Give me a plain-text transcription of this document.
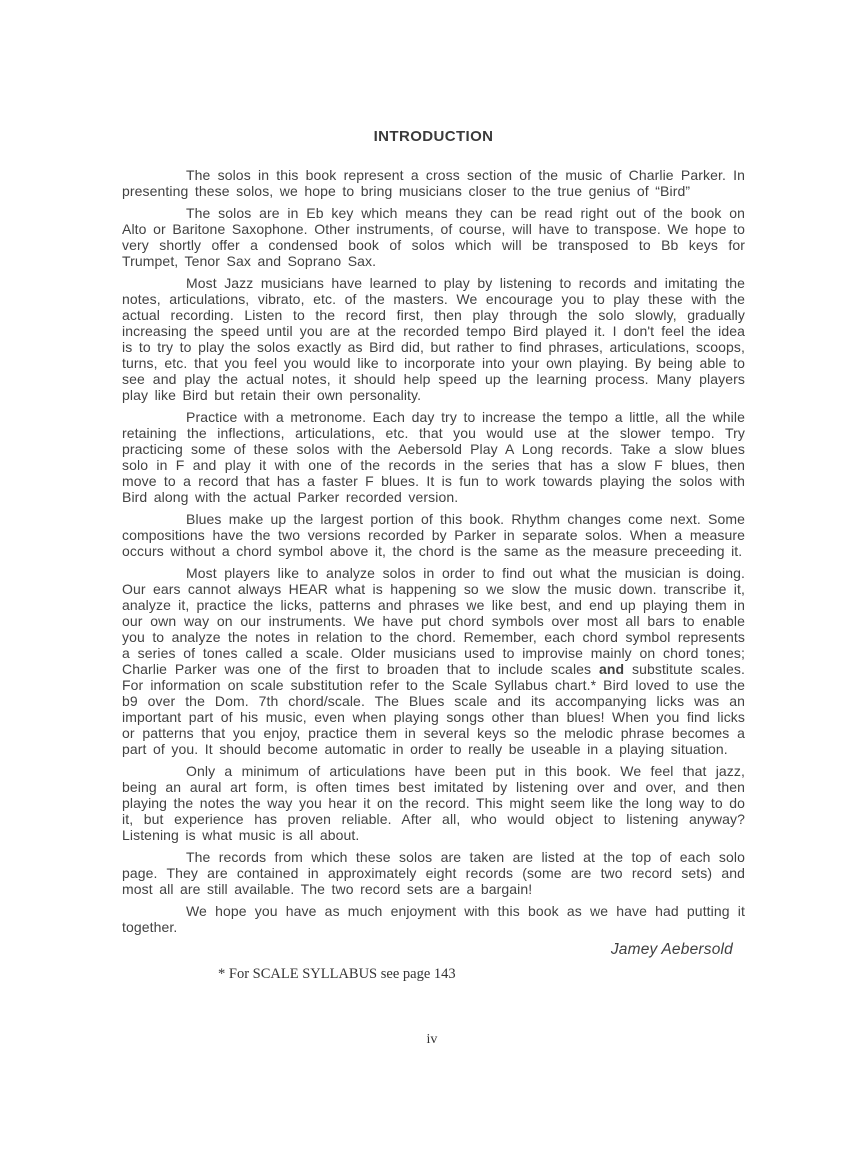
INTRODUCTION

The solos in this book represent a cross section of the music of Charlie Parker. In presenting these solos, we hope to bring musicians closer to the true genius of “Bird”

The solos are in Eb key which means they can be read right out of the book on Alto or Baritone Saxophone. Other instruments, of course, will have to transpose. We hope to very shortly offer a condensed book of solos which will be transposed to Bb keys for Trumpet, Tenor Sax and Soprano Sax.

Most Jazz musicians have learned to play by listening to records and imitating the notes, articulations, vibrato, etc. of the masters. We encourage you to play these with the actual recording. Listen to the record first, then play through the solo slowly, gradually increasing the speed until you are at the recorded tempo Bird played it. I don't feel the idea is to try to play the solos exactly as Bird did, but rather to find phrases, articulations, scoops, turns, etc. that you feel you would like to incorporate into your own playing. By being able to see and play the actual notes, it should help speed up the learning process. Many players play like Bird but retain their own personality.

Practice with a metronome. Each day try to increase the tempo a little, all the while retaining the inflections, articulations, etc. that you would use at the slower tempo. Try practicing some of these solos with the Aebersold Play A Long records. Take a slow blues solo in F and play it with one of the records in the series that has a slow F blues, then move to a record that has a faster F blues. It is fun to work towards playing the solos with Bird along with the actual Parker recorded version.

Blues make up the largest portion of this book. Rhythm changes come next. Some compositions have the two versions recorded by Parker in separate solos. When a measure occurs without a chord symbol above it, the chord is the same as the measure preceeding it.

Most players like to analyze solos in order to find out what the musician is doing. Our ears cannot always HEAR what is happening so we slow the music down. transcribe it, analyze it, practice the licks, patterns and phrases we like best, and end up playing them in our own way on our instruments. We have put chord symbols over most all bars to enable you to analyze the notes in relation to the chord. Remember, each chord symbol represents a series of tones called a scale. Older musicians used to improvise mainly on chord tones; Charlie Parker was one of the first to broaden that to include scales and substitute scales. For information on scale substitution refer to the Scale Syllabus chart.* Bird loved to use the b9 over the Dom. 7th chord/scale. The Blues scale and its accompanying licks was an important part of his music, even when playing songs other than blues! When you find licks or patterns that you enjoy, practice them in several keys so the melodic phrase becomes a part of you. It should become automatic in order to really be useable in a playing situation.

Only a minimum of articulations have been put in this book. We feel that jazz, being an aural art form, is often times best imitated by listening over and over, and then playing the notes the way you hear it on the record. This might seem like the long way to do it, but experience has proven reliable. After all, who would object to listening anyway? Listening is what music is all about.

The records from which these solos are taken are listed at the top of each solo page. They are contained in approximately eight records (some are two record sets) and most all are still available. The two record sets are a bargain!

We hope you have as much enjoyment with this book as we have had putting it together.

Jamey Aebersold
* For SCALE SYLLABUS see page 143
iv
